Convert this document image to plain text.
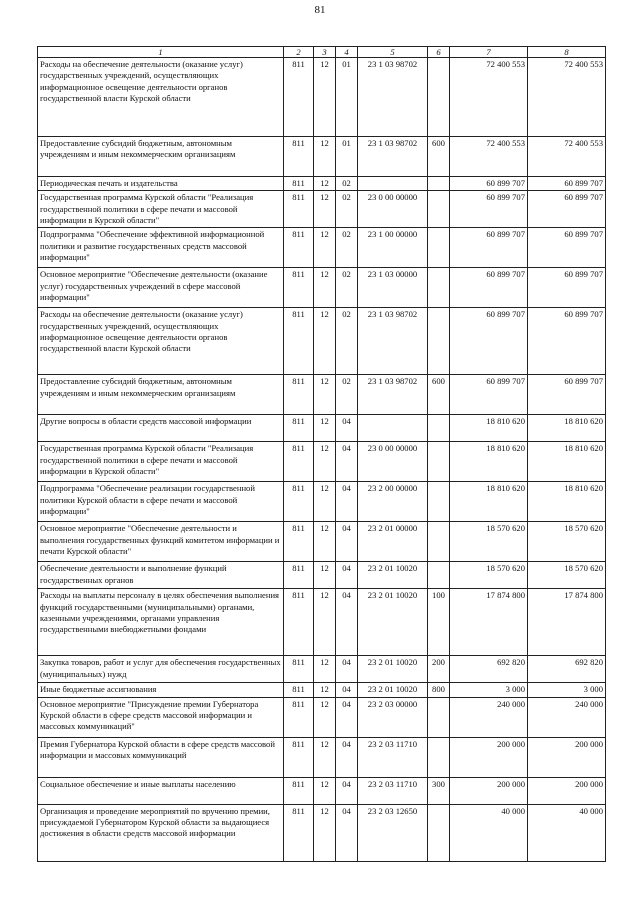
81
1	2	3	4	5	6	7	8
Расходы на обеспечение деятельности (оказание услуг) государственных учреждений, осуществляющих информационное освещение деятельности органов государственной власти Курской области	811	12	01	23 1 03 98702		72 400 553	72 400 553
Предоставление субсидий бюджетным, автономным учреждениям и иным некоммерческим организациям	811	12	01	23 1 03 98702	600	72 400 553	72 400 553
Периодическая печать и издательства	811	12	02			60 899 707	60 899 707
Государственная программа Курской области "Реализация государственной политики в сфере печати и массовой информации в Курской области"	811	12	02	23 0 00 00000		60 899 707	60 899 707
Подпрограмма "Обеспечение эффективной информационной политики и развитие государственных средств массовой информации"	811	12	02	23 1 00 00000		60 899 707	60 899 707
Основное мероприятие "Обеспечение деятельности (оказание услуг) государственных учреждений в сфере массовой информации"	811	12	02	23 1 03 00000		60 899 707	60 899 707
Расходы на обеспечение деятельности (оказание услуг) государственных учреждений, осуществляющих информационное освещение деятельности органов государственной власти Курской области	811	12	02	23 1 03 98702		60 899 707	60 899 707
Предоставление субсидий бюджетным, автономным учреждениям и иным некоммерческим организациям	811	12	02	23 1 03 98702	600	60 899 707	60 899 707
Другие вопросы в области средств массовой информации	811	12	04			18 810 620	18 810 620
Государственная программа Курской области "Реализация государственной политики в сфере печати и массовой информации в Курской области"	811	12	04	23 0 00 00000		18 810 620	18 810 620
Подпрограмма "Обеспечение реализации государственной политики Курской области в сфере печати и массовой информации"	811	12	04	23 2 00 00000		18 810 620	18 810 620
Основное мероприятие "Обеспечение деятельности и выполнения государственных функций комитетом информации и печати Курской области"	811	12	04	23 2 01 00000		18 570 620	18 570 620
Обеспечение деятельности и выполнение функций государственных органов	811	12	04	23 2 01 10020		18 570 620	18 570 620
Расходы на выплаты персоналу в целях обеспечения выполнения функций государственными (муниципальными) органами, казенными учреждениями, органами управления государственными внебюджетными фондами	811	12	04	23 2 01 10020	100	17 874 800	17 874 800
Закупка товаров, работ и услуг для обеспечения государственных (муниципальных) нужд	811	12	04	23 2 01 10020	200	692 820	692 820
Иные бюджетные ассигнования	811	12	04	23 2 01 10020	800	3 000	3 000
Основное мероприятие "Присуждение премии Губернатора Курской области в сфере средств массовой информации и массовых коммуникаций"	811	12	04	23 2 03 00000		240 000	240 000
Премия Губернатора Курской области в сфере средств массовой информации и массовых коммуникаций	811	12	04	23 2 03 11710		200 000	200 000
Социальное обеспечение и иные выплаты населению	811	12	04	23 2 03 11710	300	200 000	200 000
Организация и проведение мероприятий по вручению премии, присуждаемой Губернатором Курской области за выдающиеся достижения в области средств массовой информации	811	12	04	23 2 03 12650		40 000	40 000
